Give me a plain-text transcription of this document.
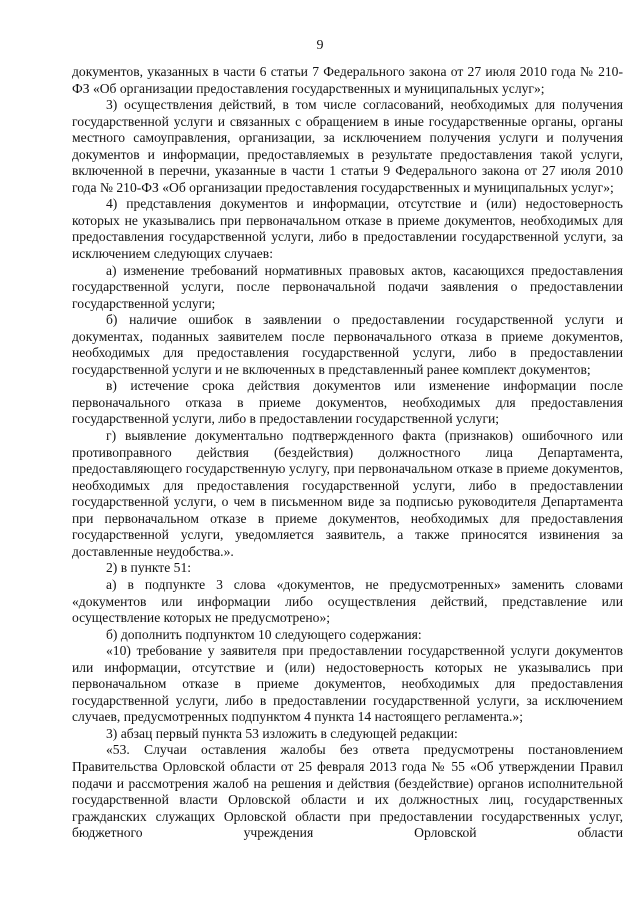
9

документов, указанных в части 6 статьи 7 Федерального закона от 27 июля 2010 года № 210-ФЗ «Об организации предоставления государственных и муниципальных услуг»;

3) осуществления действий, в том числе согласований, необходимых для получения государственной услуги и связанных с обращением в иные государственные органы, органы местного самоуправления, организации, за исключением получения услуги и получения документов и информации, предоставляемых в результате предоставления такой услуги, включенной в перечни, указанные в части 1 статьи 9 Федерального закона от 27 июля 2010 года № 210-ФЗ «Об организации предоставления государственных и муниципальных услуг»;

4) представления документов и информации, отсутствие и (или) недостоверность которых не указывались при первоначальном отказе в приеме документов, необходимых для предоставления государственной услуги, либо в предоставлении государственной услуги, за исключением следующих случаев:

а) изменение требований нормативных правовых актов, касающихся предоставления государственной услуги, после первоначальной подачи заявления о предоставлении государственной услуги;

б) наличие ошибок в заявлении о предоставлении государственной услуги и документах, поданных заявителем после первоначального отказа в приеме документов, необходимых для предоставления государственной услуги, либо в предоставлении государственной услуги и не включенных в представленный ранее комплект документов;

в) истечение срока действия документов или изменение информации после первоначального отказа в приеме документов, необходимых для предоставления государственной услуги, либо в предоставлении государственной услуги;

г) выявление документально подтвержденного факта (признаков) ошибочного или противоправного действия (бездействия) должностного лица Департамента, предоставляющего государственную услугу, при первоначальном отказе в приеме документов, необходимых для предоставления государственной услуги, либо в предоставлении государственной услуги, о чем в письменном виде за подписью руководителя Департамента при первоначальном отказе в приеме документов, необходимых для предоставления государственной услуги, уведомляется заявитель, а также приносятся извинения за доставленные неудобства.».

2) в пункте 51:

а) в подпункте 3 слова «документов, не предусмотренных» заменить словами «документов или информации либо осуществления действий, представление или осуществление которых не предусмотрено»;

б) дополнить подпунктом 10 следующего содержания:

«10) требование у заявителя при предоставлении государственной услуги документов или информации, отсутствие и (или) недостоверность которых не указывались при первоначальном отказе в приеме документов, необходимых для предоставления государственной услуги, либо в предоставлении государственной услуги, за исключением случаев, предусмотренных подпунктом 4 пункта 14 настоящего регламента.»;

3) абзац первый пункта 53 изложить в следующей редакции:

«53. Случаи оставления жалобы без ответа предусмотрены постановлением Правительства Орловской области от 25 февраля 2013 года № 55 «Об утверждении Правил подачи и рассмотрения жалоб на решения и действия (бездействие) органов исполнительной государственной власти Орловской области и их должностных лиц, государственных гражданских служащих Орловской области при предоставлении государственных услуг, бюджетного учреждения Орловской области
